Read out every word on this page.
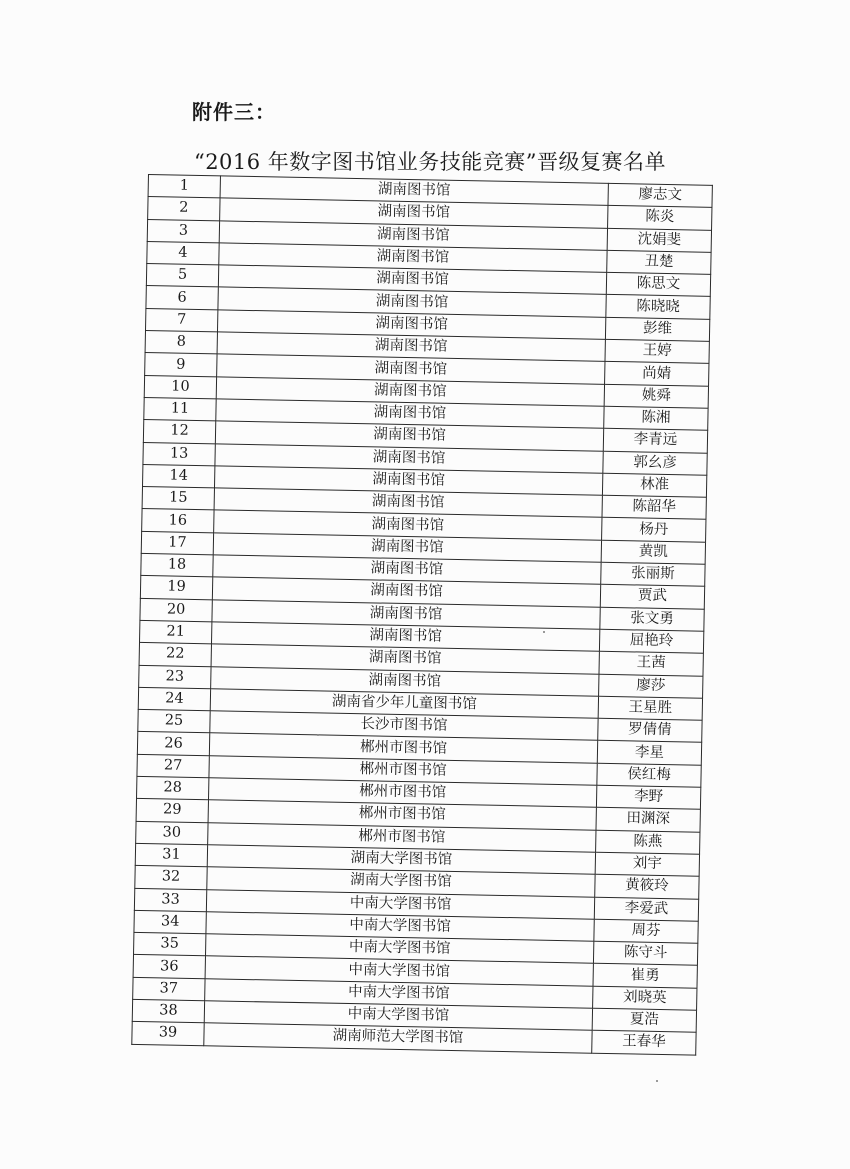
附件三：
“2016 年数字图书馆业务技能竞赛”晋级复赛名单
1	湖南图书馆	廖志文
2	湖南图书馆	陈炎
3	湖南图书馆	沈娟斐
4	湖南图书馆	丑楚
5	湖南图书馆	陈思文
6	湖南图书馆	陈晓晓
7	湖南图书馆	彭维
8	湖南图书馆	王婷
9	湖南图书馆	尚婧
10	湖南图书馆	姚舜
11	湖南图书馆	陈湘
12	湖南图书馆	李青远
13	湖南图书馆	郭幺彦
14	湖南图书馆	林准
15	湖南图书馆	陈韶华
16	湖南图书馆	杨丹
17	湖南图书馆	黄凯
18	湖南图书馆	张丽斯
19	湖南图书馆	贾武
20	湖南图书馆	张文勇
21	湖南图书馆	屈艳玲
22	湖南图书馆	王茜
23	湖南图书馆	廖莎
24	湖南省少年儿童图书馆	王星胜
25	长沙市图书馆	罗倩倩
26	郴州市图书馆	李星
27	郴州市图书馆	侯红梅
28	郴州市图书馆	李野
29	郴州市图书馆	田渊深
30	郴州市图书馆	陈燕
31	湖南大学图书馆	刘宇
32	湖南大学图书馆	黄筱玲
33	中南大学图书馆	李爱武
34	中南大学图书馆	周芬
35	中南大学图书馆	陈守斗
36	中南大学图书馆	崔勇
37	中南大学图书馆	刘晓英
38	中南大学图书馆	夏浩
39	湖南师范大学图书馆	王春华
